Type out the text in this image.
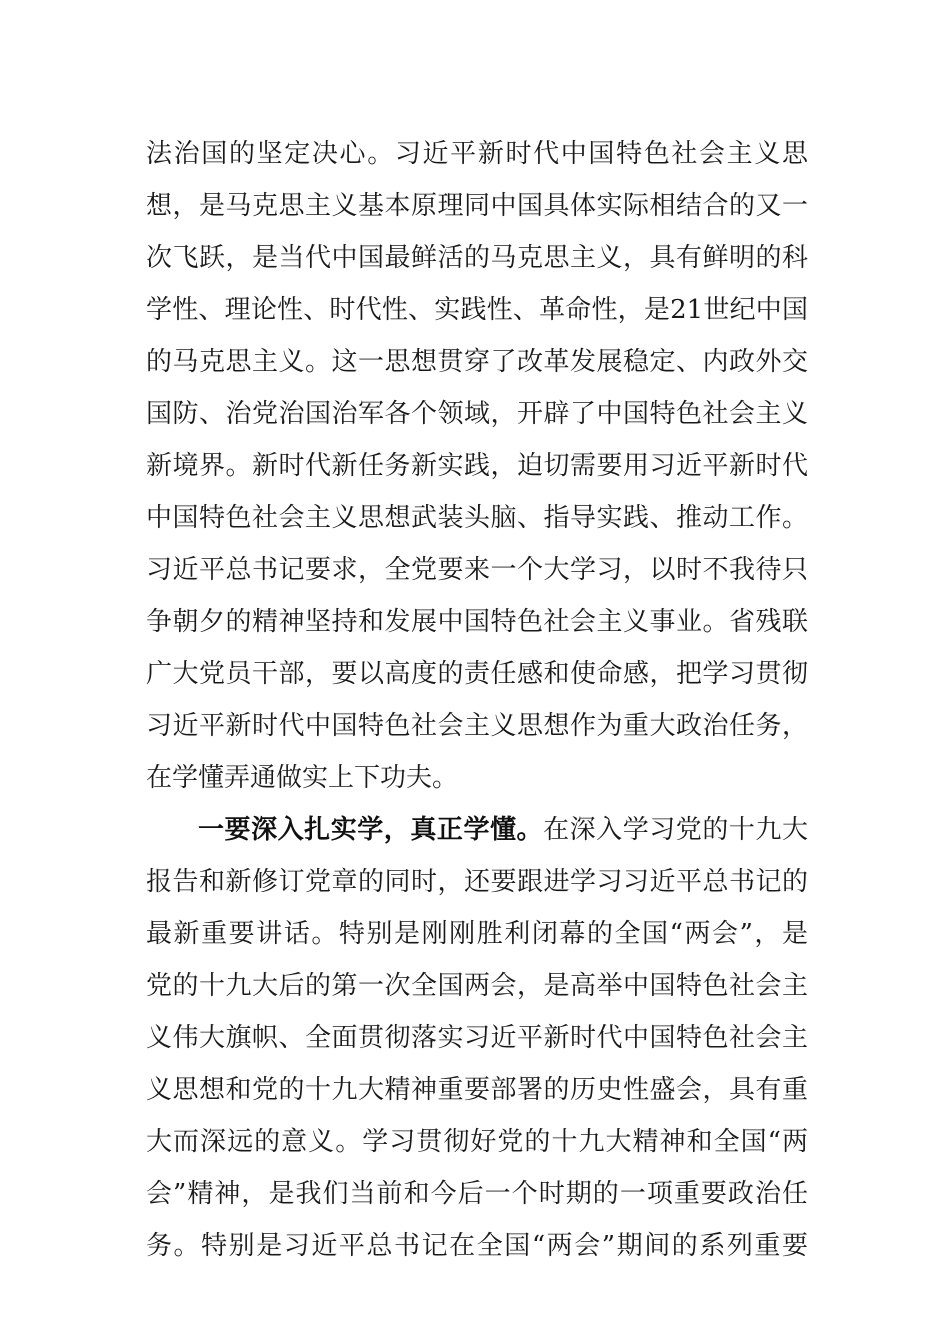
法治国的坚定决心。习近平新时代中国特色社会主义思
想，是马克思主义基本原理同中国具体实际相结合的又一
次飞跃，是当代中国最鲜活的马克思主义，具有鲜明的科
学性、理论性、时代性、实践性、革命性，是21世纪中国
的马克思主义。这一思想贯穿了改革发展稳定、内政外交
国防、治党治国治军各个领域，开辟了中国特色社会主义
新境界。新时代新任务新实践，迫切需要用习近平新时代
中国特色社会主义思想武装头脑、指导实践、推动工作。
习近平总书记要求，全党要来一个大学习，以时不我待只
争朝夕的精神坚持和发展中国特色社会主义事业。省残联
广大党员干部，要以高度的责任感和使命感，把学习贯彻
习近平新时代中国特色社会主义思想作为重大政治任务，
在学懂弄通做实上下功夫。
一要深入扎实学，真正学懂。在深入学习党的十九大
报告和新修订党章的同时，还要跟进学习习近平总书记的
最新重要讲话。特别是刚刚胜利闭幕的全国“两会”，是
党的十九大后的第一次全国两会，是高举中国特色社会主
义伟大旗帜、全面贯彻落实习近平新时代中国特色社会主
义思想和党的十九大精神重要部署的历史性盛会，具有重
大而深远的意义。学习贯彻好党的十九大精神和全国“两
会”精神，是我们当前和今后一个时期的一项重要政治任
务。特别是习近平总书记在全国“两会”期间的系列重要
